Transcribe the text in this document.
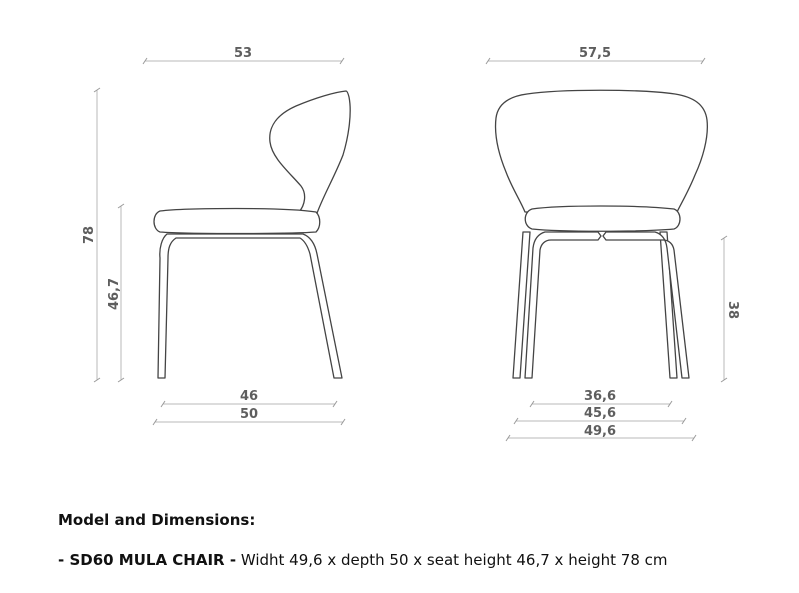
53
78
46,7
46
50
57,5
38
36,6
45,6
49,6
Model and Dimensions:
- SD60 MULA CHAIR - Widht 49,6 x depth 50 x seat height 46,7 x height 78 cm
